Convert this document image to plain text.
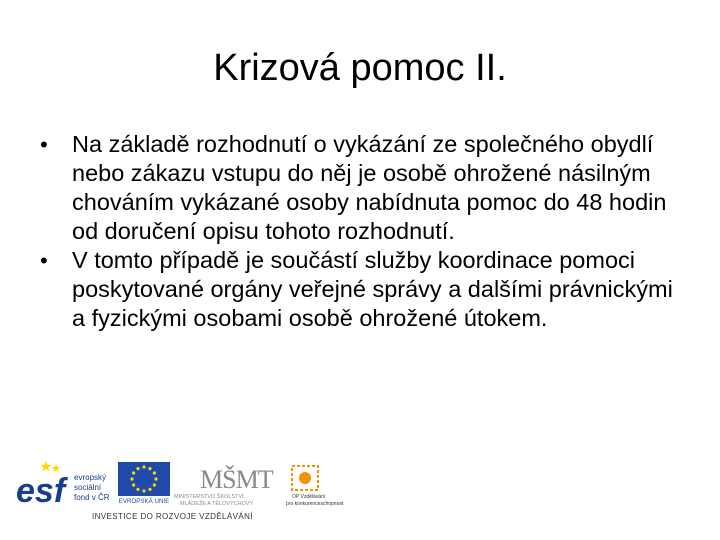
Krizová pomoc II.
• Na základě rozhodnutí o vykázání ze společného obydlí nebo zákazu vstupu do něj je osobě ohrožené násilným chováním vykázané osoby nabídnuta pomoc do 48 hodin od doručení opisu tohoto rozhodnutí.
• V tomto případě je součástí služby koordinace pomoci poskytované orgány veřejné správy a dalšími právnickými a fyzickými osobami osobě ohrožené útokem.
esf	evropský
sociální
fond v ČR EVROPSKÁ UNIE
MŠMT
MINISTERSTVO ŠKOLSTVÍ,
MLÁDEŽE A TĚLOVÝCHOVY
OP Vzdělávání
pro konkurenceschopnost
INVESTICE DO ROZVOJE VZDĚLÁVÁNÍ
